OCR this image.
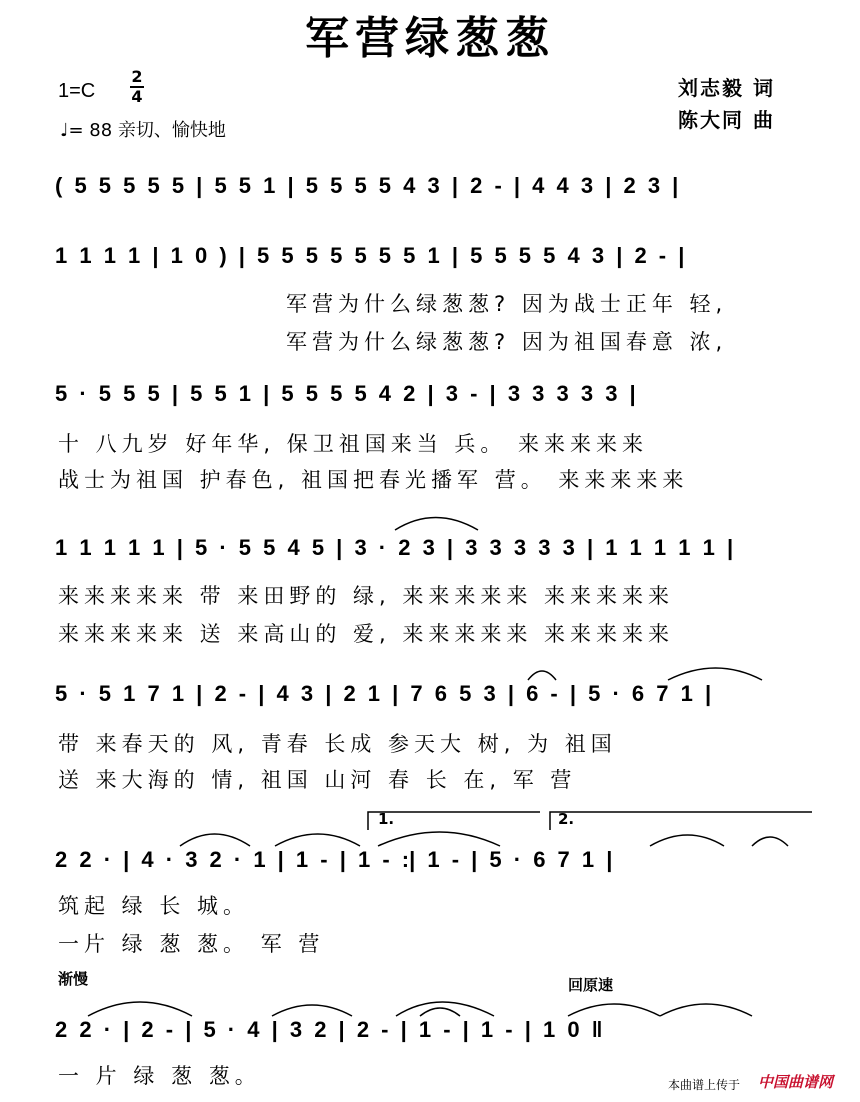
军营绿葱葱
1=C
2
4
♩= 88 亲切、愉快地
刘志毅 词
陈大同 曲
( 5 5 5 5 5 | 5 5 1 | 5 5 5 5 4 3 | 2 - | 4 4 3 | 2 3 |
1 1 1 1 | 1 0 ) | 5 5 5 5 5 5 5 1 | 5 5 5 5 4 3 | 2 - |
军营为什么绿葱葱? 因为战士正年 轻,
军营为什么绿葱葱? 因为祖国春意 浓,
5 · 5 5 5 | 5 5 1 | 5 5 5 5 4 2 | 3 - | 3 3 3 3 3 |
十 八九岁 好年华, 保卫祖国来当 兵。 来来来来来
战士为祖国 护春色, 祖国把春光播军 营。 来来来来来
1 1 1 1 1 | 5 · 5 5 4 5 | 3 · 2 3 | 3 3 3 3 3 | 1 1 1 1 1 |
来来来来来 带 来田野的 绿, 来来来来来 来来来来来
来来来来来 送 来高山的 爱, 来来来来来 来来来来来
5 · 5 1 7 1 | 2 - | 4 3 | 2 1 | 7 6 5 3 | 6 - | 5 · 6 7 1 |
带 来春天的 风, 青春 长成 参天大 树, 为 祖国
送 来大海的 情, 祖国 山河 春 长 在, 军 营
1.	2.
2 2 · | 4 · 3 2 · 1 | 1 - | 1 - :| 1 - | 5 · 6 7 1 |
筑起 绿 长 城。
一片 绿 葱 葱。 军 营
渐慢	回原速
2 2 · | 2 - | 5 · 4 | 3 2 | 2 - | 1 - | 1 - | 1 0 ‖
一 片 绿 葱 葱。	本曲谱上传于 中国曲谱网
